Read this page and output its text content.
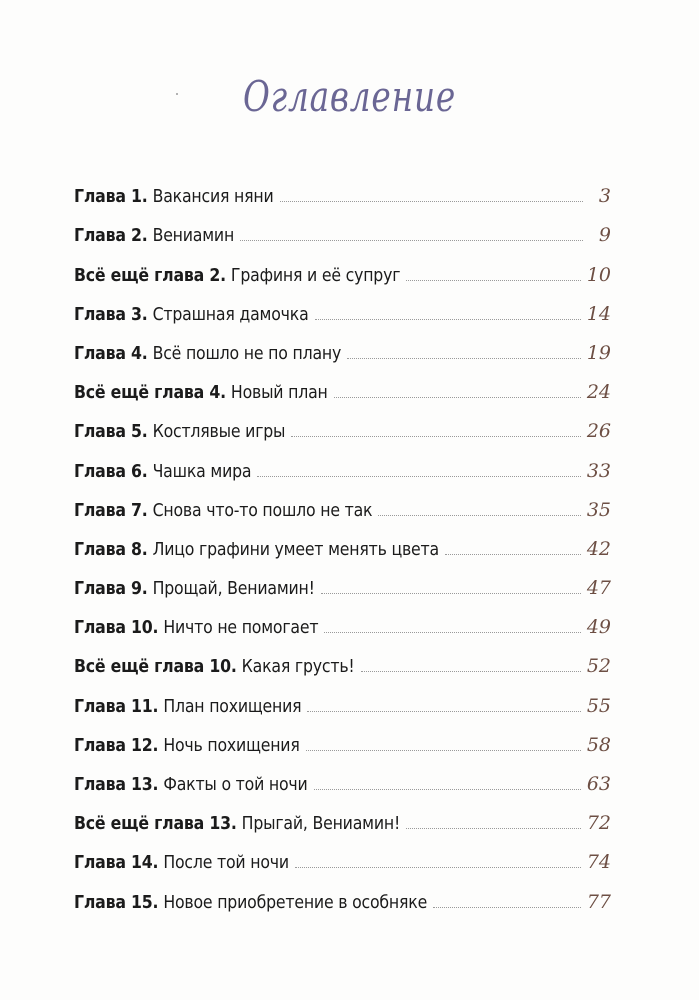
Оглавление
Глава 1. Вакансия няни	3
Глава 2. Вениамин	9
Всё ещё глава 2. Графиня и её супруг	10
Глава 3. Страшная дамочка	14
Глава 4. Всё пошло не по плану	19
Всё ещё глава 4. Новый план	24
Глава 5. Костлявые игры	26
Глава 6. Чашка мира	33
Глава 7. Снова что-то пошло не так	35
Глава 8. Лицо графини умеет менять цвета	42
Глава 9. Прощай, Вениамин!	47
Глава 10. Ничто не помогает	49
Всё ещё глава 10. Какая грусть!	52
Глава 11. План похищения	55
Глава 12. Ночь похищения	58
Глава 13. Факты о той ночи	63
Всё ещё глава 13. Прыгай, Вениамин!	72
Глава 14. После той ночи	74
Глава 15. Новое приобретение в особняке	77
